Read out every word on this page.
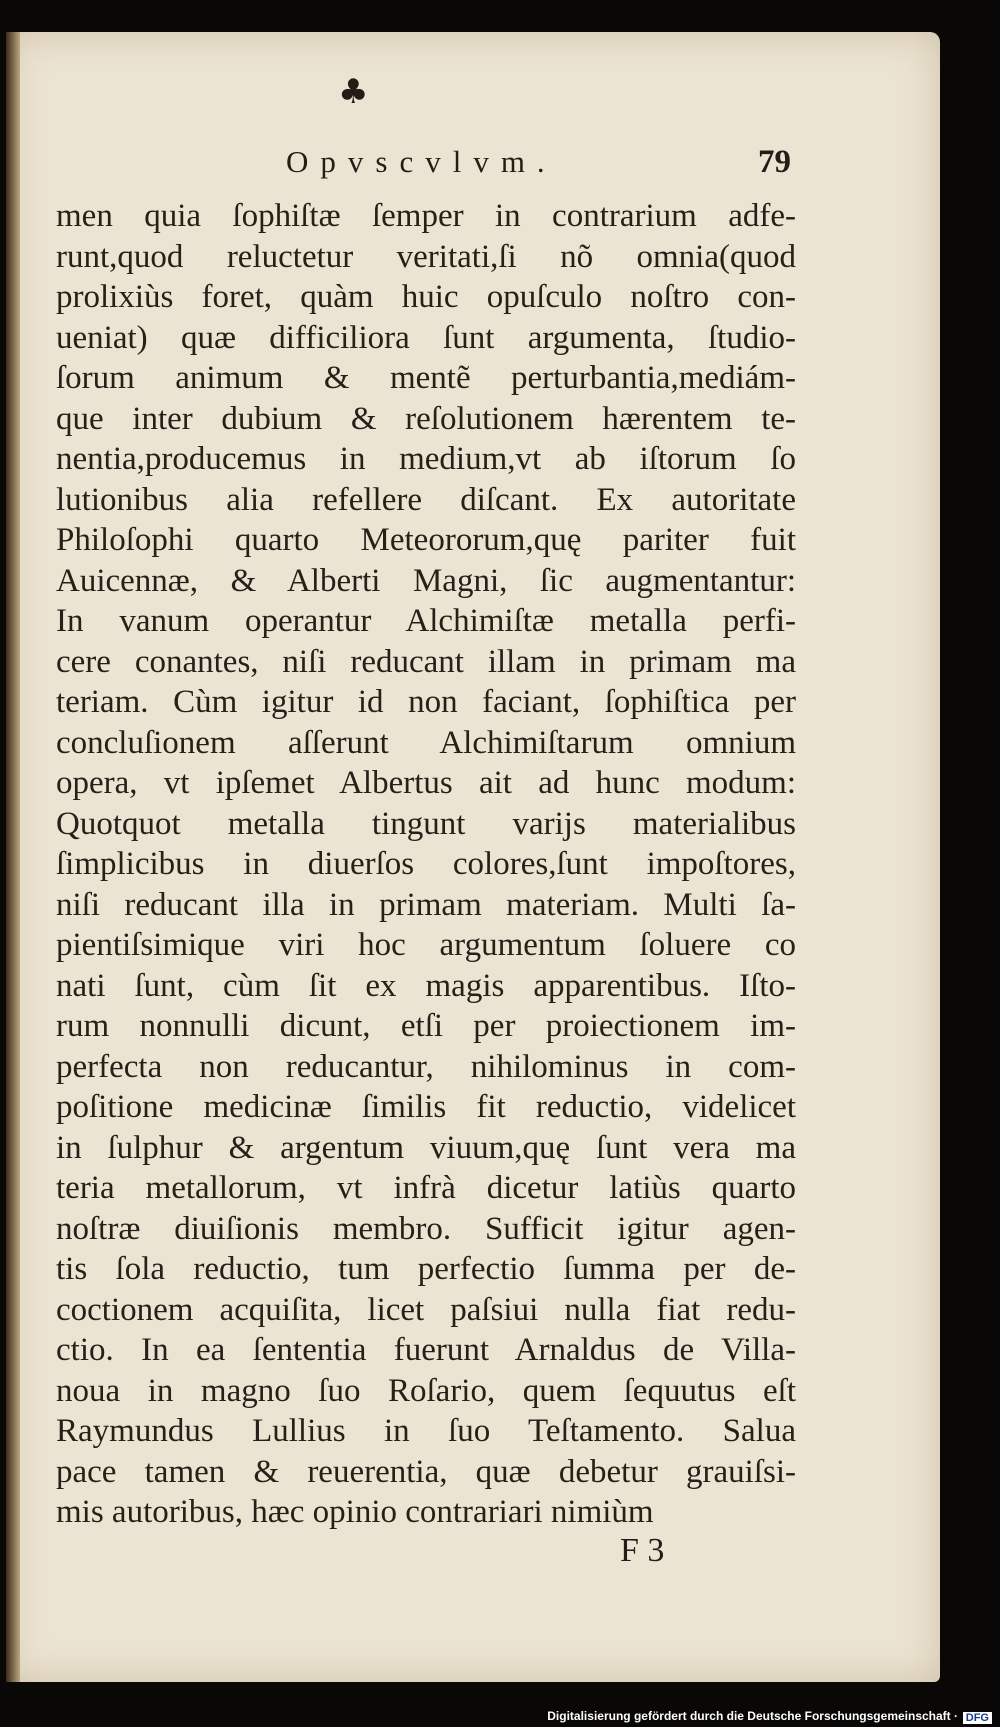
♣
Opvscvlvm.	79
men quia ſophiſtæ ſemper in contrarium adfe-
runt,quod reluctetur veritati,ſi nõ omnia(quod
prolixiùs foret, quàm huic opuſculo noſtro con-
ueniat) quæ difficiliora ſunt argumenta, ſtudio-
ſorum animum & mentẽ perturbantia,mediám-
que inter dubium & reſolutionem hærentem te-
nentia,producemus in medium,vt ab iſtorum ſo
lutionibus alia refellere diſcant. Ex autoritate
Philoſophi quarto Meteororum,quę pariter fuit
Auicennæ, & Alberti Magni, ſic augmentantur:
In vanum operantur Alchimiſtæ metalla perfi-
cere conantes, niſi reducant illam in primam ma
teriam. Cùm igitur id non faciant, ſophiſtica per
concluſionem aſſerunt Alchimiſtarum omnium
opera, vt ipſemet Albertus ait ad hunc modum:
Quotquot metalla tingunt varijs materialibus
ſimplicibus in diuerſos colores,ſunt impoſtores,
niſi reducant illa in primam materiam. Multi ſa-
pientiſsimique viri hoc argumentum ſoluere co
nati ſunt, cùm ſit ex magis apparentibus. Iſto-
rum nonnulli dicunt, etſi per proiectionem im-
perfecta non reducantur, nihilominus in com-
poſitione medicinæ ſimilis fit reductio, videlicet
in ſulphur & argentum viuum,quę ſunt vera ma
teria metallorum, vt infrà dicetur latiùs quarto
noſtræ diuiſionis membro. Sufficit igitur agen-
tis ſola reductio, tum perfectio ſumma per de-
coctionem acquiſita, licet paſsiui nulla fiat redu-
ctio. In ea ſententia fuerunt Arnaldus de Villa-
noua in magno ſuo Roſario, quem ſequutus eſt
Raymundus Lullius in ſuo Teſtamento. Salua
pace tamen & reuerentia, quæ debetur grauiſsi-
mis autoribus, hæc opinio contrariari nimiùm
F 3
Digitalisierung gefördert durch die Deutsche Forschungsgemeinschaft · DFG
